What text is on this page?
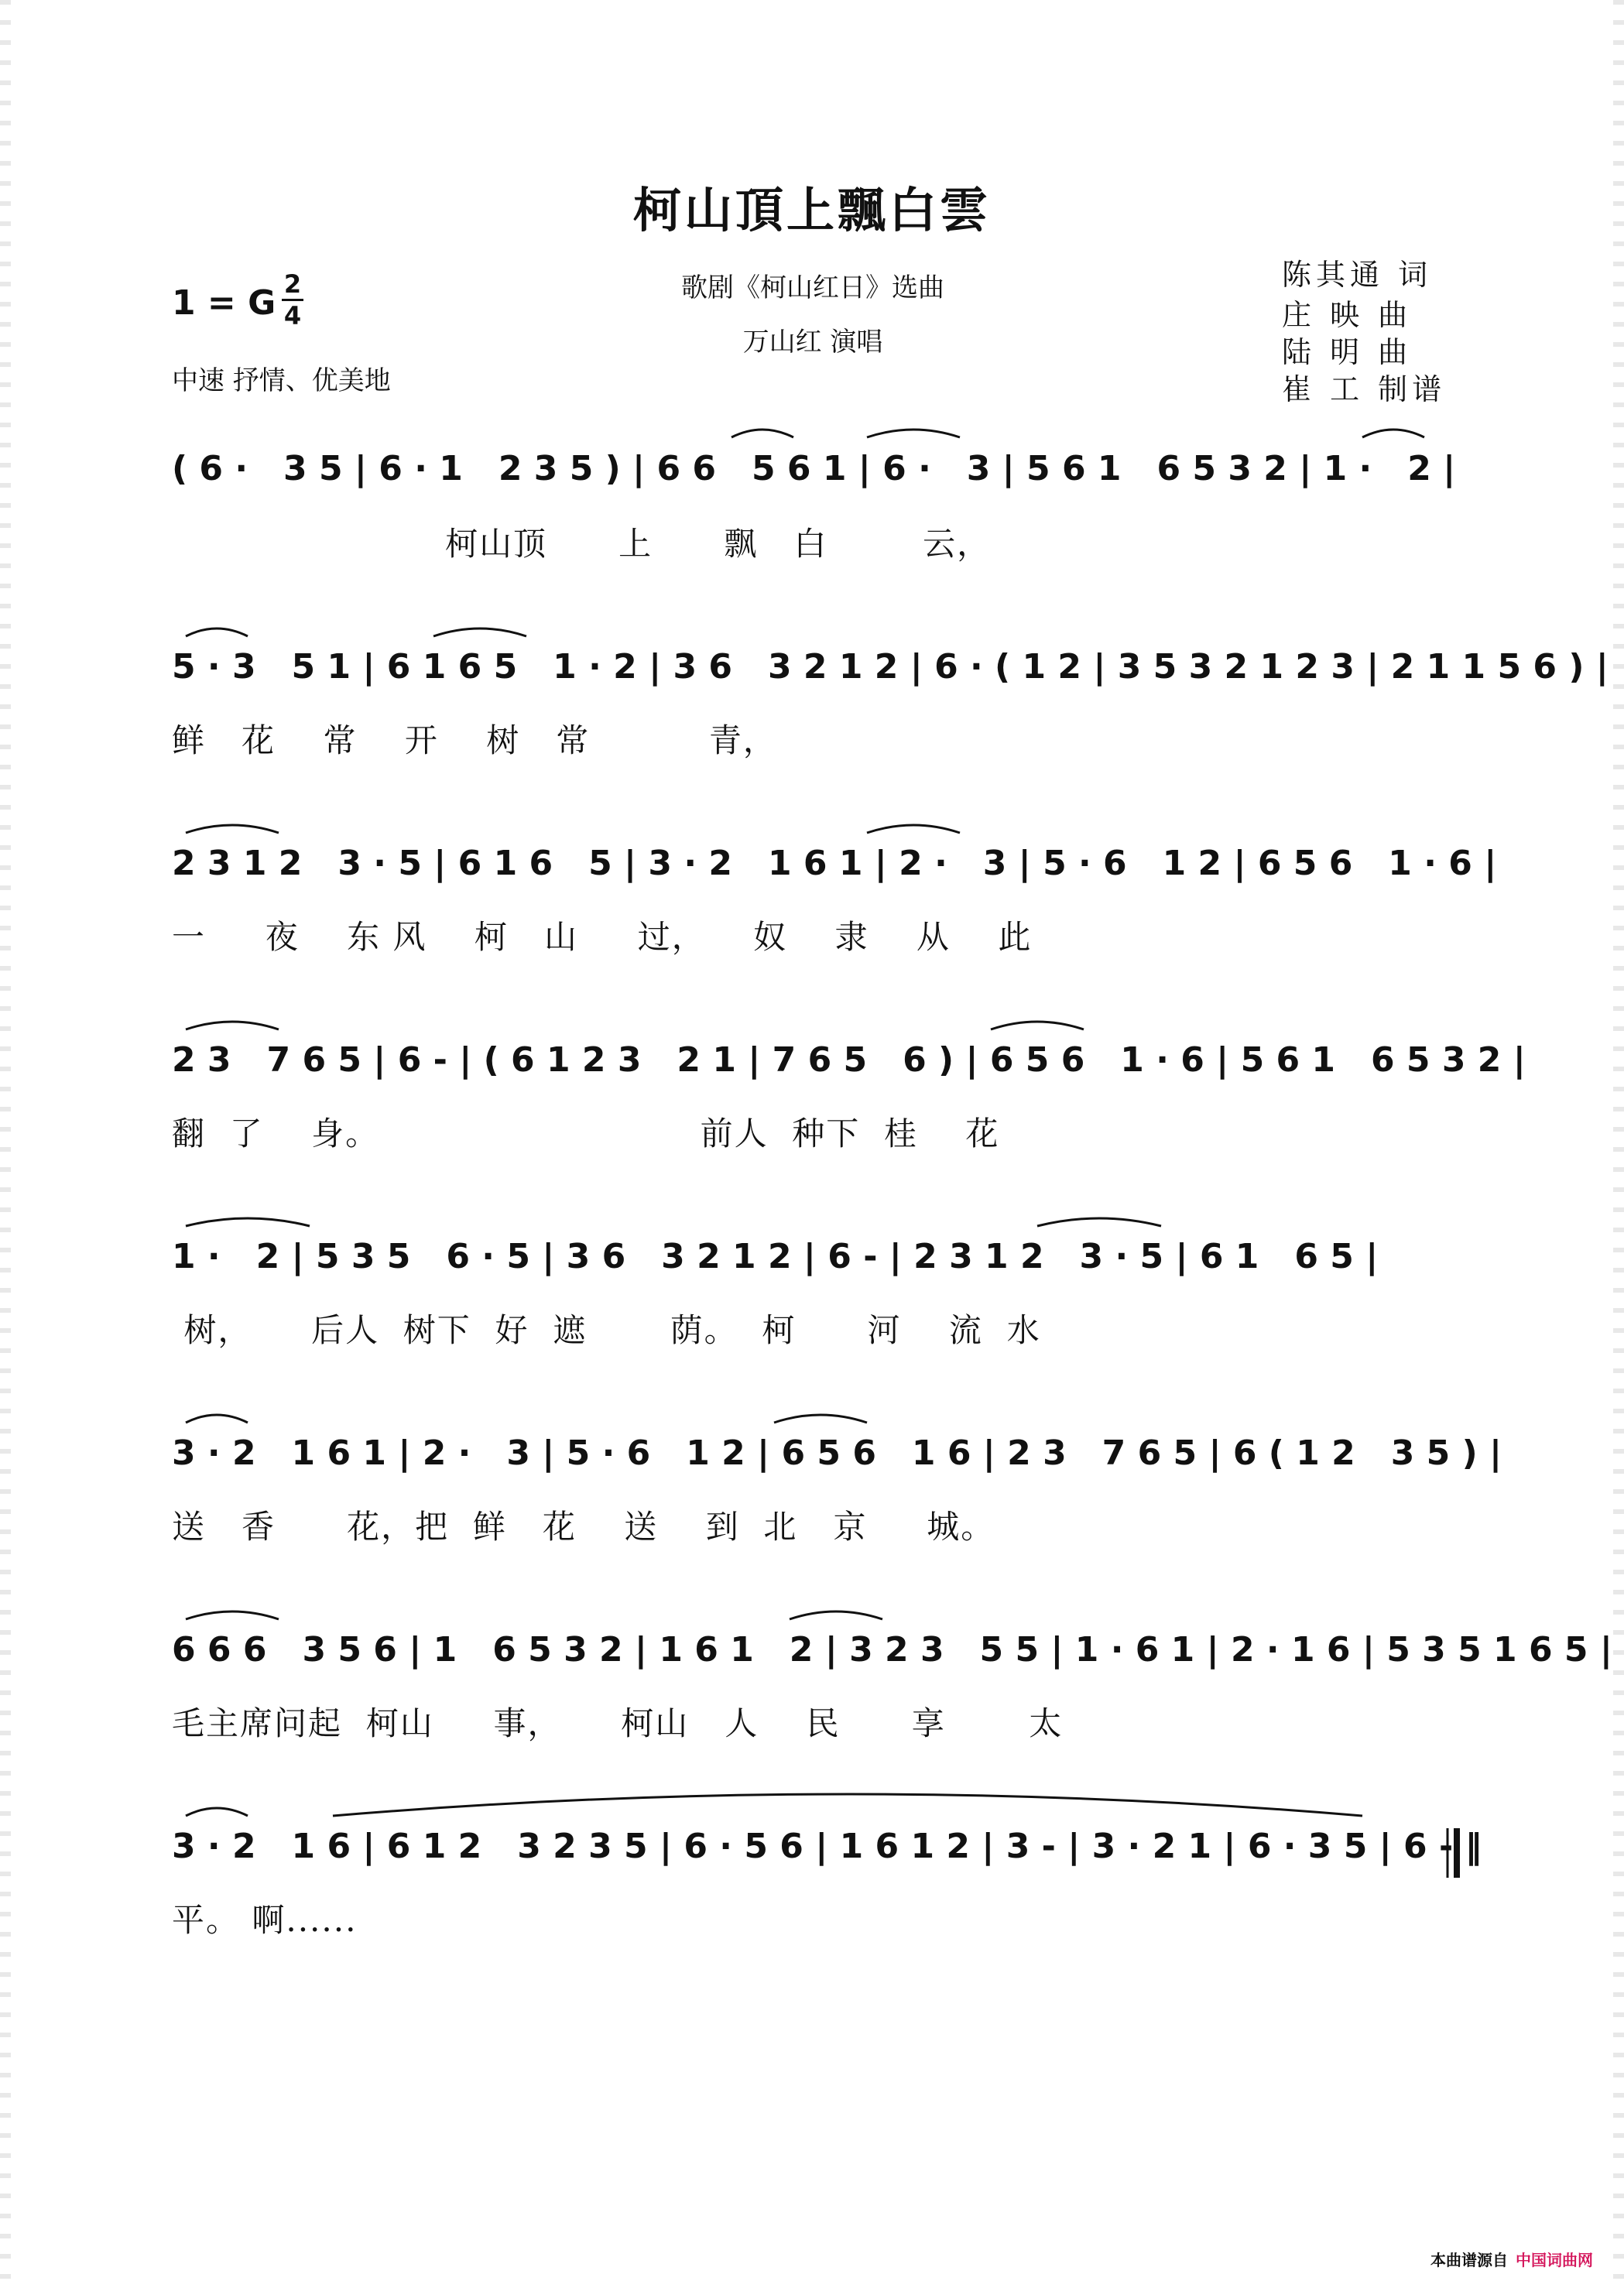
柯山頂上飄白雲
1 = G 2
4
中速 抒情、优美地
歌剧《柯山红日》选曲
万山红 演唱
陈其通 词
庄 映 曲
陆 明 曲
崔 工 制谱

( 6 ·   3 5 | 6 · 1   2 3 5 ) | 6 6   5 6 1 | 6 ·   3 | 5 6 1   6 5 3 2 | 1 ·   2 |

柯山顶      上      飘   白        云，

5 · 3   5 1 | 6 1 6 5   1 · 2 | 3 6   3 2 1 2 | 6 · ( 1 2 | 3 5 3 2 1 2 3 | 2 1 1 5 6 ) |

鲜   花    常    开    树   常          青，

2 3 1 2   3 · 5 | 6 1 6   5 | 3 · 2   1 6 1 | 2 ·   3 | 5 · 6   1 2 | 6 5 6   1 · 6 |

一     夜    东 风    柯   山     过，    奴    隶    从    此

2 3   7 6 5 | 6 - | ( 6 1 2 3   2 1 | 7 6 5   6 ) | 6 5 6   1 · 6 | 5 6 1   6 5 3 2 |

翻  了    身。                           前人  种下  桂    花

1 ·   2 | 5 3 5   6 · 5 | 3 6   3 2 1 2 | 6 - | 2 3 1 2   3 · 5 | 6 1   6 5 |

树，     后人  树下  好  遮       荫。  柯      河    流  水

3 · 2   1 6 1 | 2 ·   3 | 5 · 6   1 2 | 6 5 6   1 6 | 2 3   7 6 5 | 6 ( 1 2   3 5 ) |

送   香      花，把  鲜   花    送    到  北   京     城。

6 6 6   3 5 6 | 1   6 5 3 2 | 1 6 1   2 | 3 2 3   5 5 | 1 · 6 1 | 2 · 1 6 | 5 3 5 1 6 5 |

毛主席问起  柯山     事，     柯山   人    民      享       太

3 · 2   1 6 | 6 1 2   3 2 3 5 | 6 · 5 6 | 1 6 1 2 | 3 - | 3 · 2 1 | 6 · 3 5 | 6 - ‖

平。 啊......
本曲谱源自 中国词曲网
